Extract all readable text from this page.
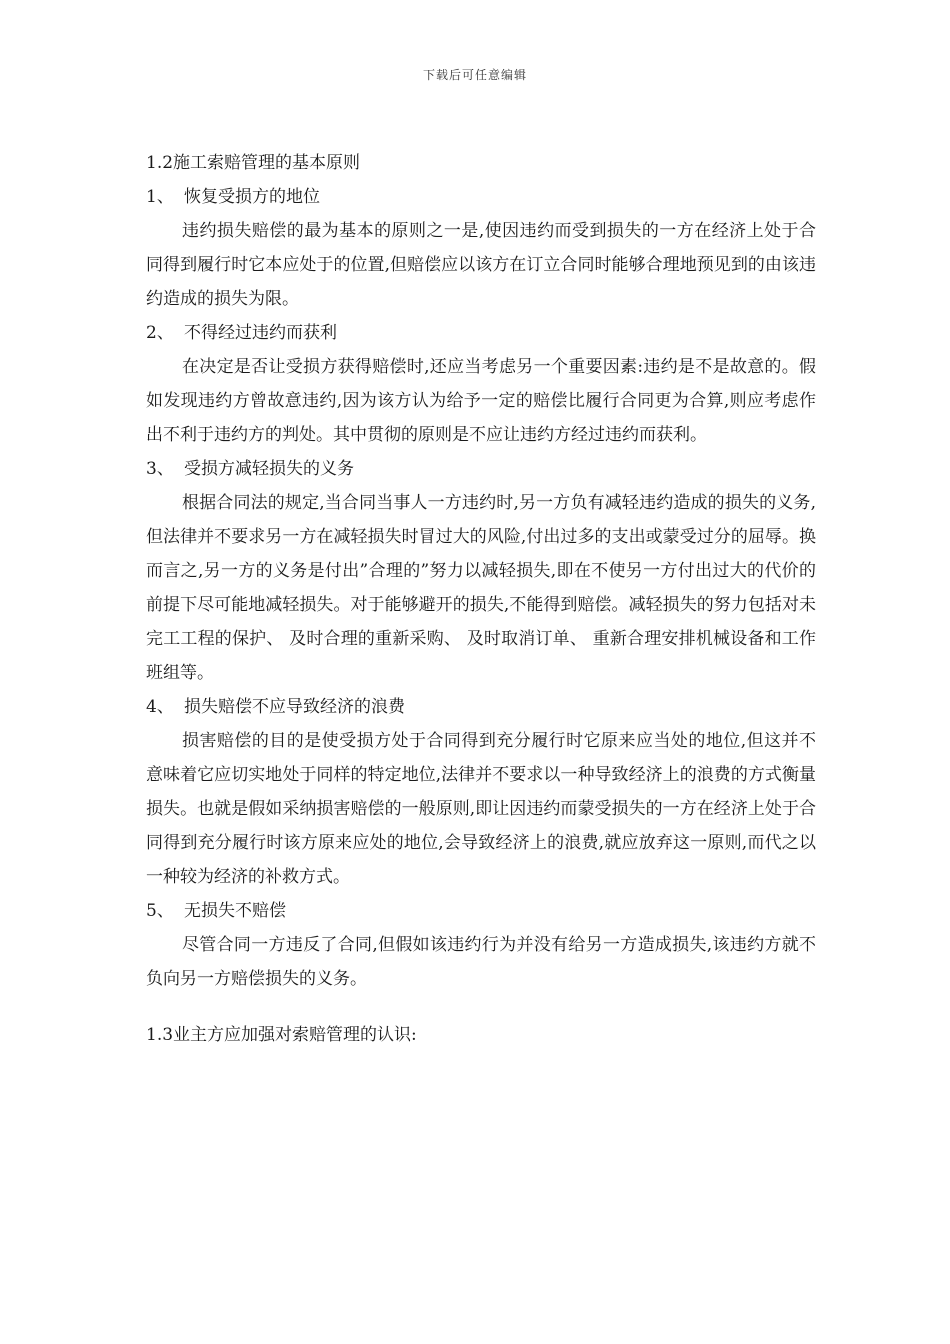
下载后可任意编辑
1.2施工索赔管理的基本原则
1、 恢复受损方的地位

违约损失赔偿的最为基本的原则之一是,使因违约而受到损失的一方在经济上处于合同得到履行时它本应处于的位置,但赔偿应以该方在订立合同时能够合理地预见到的由该违约造成的损失为限。

2、 不得经过违约而获利

在决定是否让受损方获得赔偿时,还应当考虑另一个重要因素:违约是不是故意的。假如发现违约方曾故意违约,因为该方认为给予一定的赔偿比履行合同更为合算,则应考虑作出不利于违约方的判处。其中贯彻的原则是不应让违约方经过违约而获利。

3、 受损方减轻损失的义务

根据合同法的规定,当合同当事人一方违约时,另一方负有减轻违约造成的损失的义务,但法律并不要求另一方在减轻损失时冒过大的风险,付出过多的支出或蒙受过分的屈辱。换而言之,另一方的义务是付出”合理的”努力以减轻损失,即在不使另一方付出过大的代价的前提下尽可能地减轻损失。对于能够避开的损失,不能得到赔偿。减轻损失的努力包括对未完工工程的保护、 及时合理的重新采购、 及时取消订单、 重新合理安排机械设备和工作班组等。

4、 损失赔偿不应导致经济的浪费

损害赔偿的目的是使受损方处于合同得到充分履行时它原来应当处的地位,但这并不意味着它应切实地处于同样的特定地位,法律并不要求以一种导致经济上的浪费的方式衡量损失。也就是假如采纳损害赔偿的一般原则,即让因违约而蒙受损失的一方在经济上处于合同得到充分履行时该方原来应处的地位,会导致经济上的浪费,就应放弃这一原则,而代之以一种较为经济的补救方式。

5、 无损失不赔偿

尽管合同一方违反了合同,但假如该违约行为并没有给另一方造成损失,该违约方就不负向另一方赔偿损失的义务。

1.3业主方应加强对索赔管理的认识:
